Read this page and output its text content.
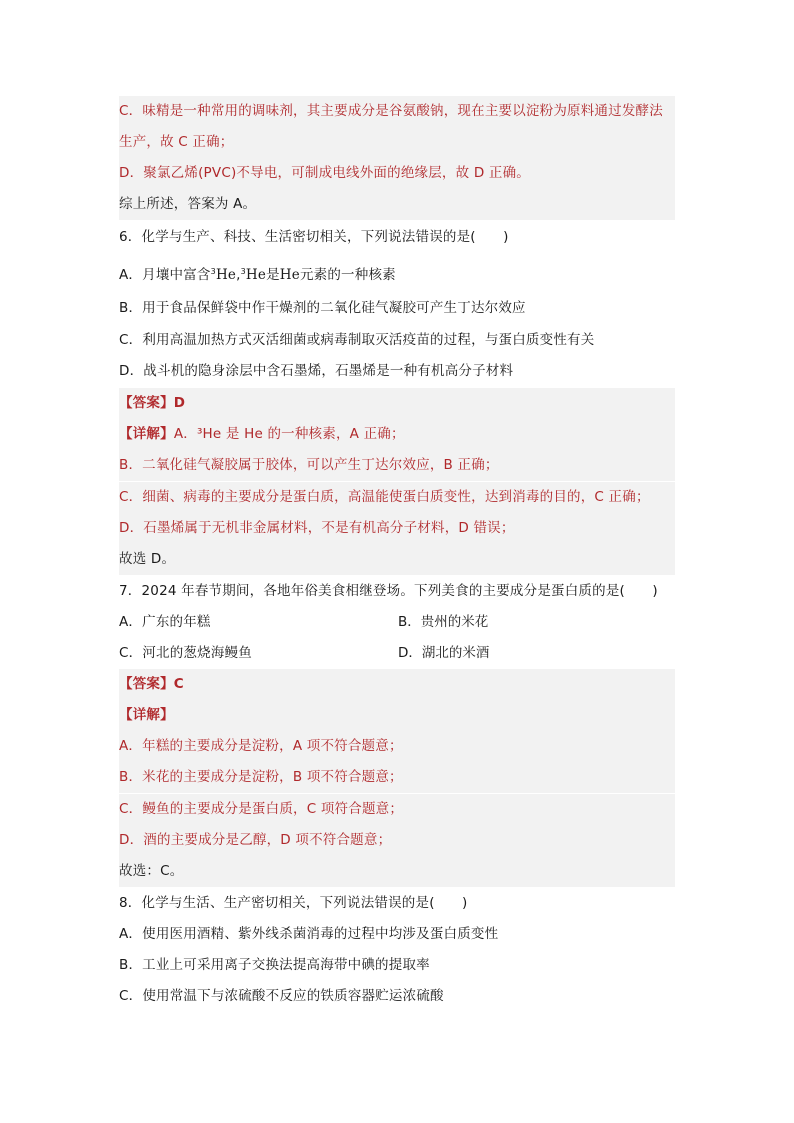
C．味精是一种常用的调味剂，其主要成分是谷氨酸钠，现在主要以淀粉为原料通过发酵法
生产，故 C 正确；
D．聚氯乙烯(PVC)不导电，可制成电线外面的绝缘层，故 D 正确。
综上所述，答案为 A。
6．化学与生产、科技、生活密切相关，下列说法错误的是(　　)
A．月壤中富含$^3$He,$^3$He是He元素的一种核素
B．用于食品保鲜袋中作干燥剂的二氧化硅气凝胶可产生丁达尔效应
C．利用高温加热方式灭活细菌或病毒制取灭活疫苗的过程，与蛋白质变性有关
D．战斗机的隐身涂层中含石墨烯，石墨烯是一种有机高分子材料
【答案】D
【详解】A．³He 是 He 的一种核素，A 正确；
B．二氧化硅气凝胶属于胶体，可以产生丁达尔效应，B 正确；
C．细菌、病毒的主要成分是蛋白质，高温能使蛋白质变性，达到消毒的目的，C 正确；
D．石墨烯属于无机非金属材料，不是有机高分子材料，D 错误；
故选 D。
7．2024 年春节期间，各地年俗美食相继登场。下列美食的主要成分是蛋白质的是(　　)
A．广东的年糕	B．贵州的米花
C．河北的葱烧海鳗鱼	D．湖北的米酒
【答案】C
【详解】
A．年糕的主要成分是淀粉，A 项不符合题意；
B．米花的主要成分是淀粉，B 项不符合题意；
C．鳗鱼的主要成分是蛋白质，C 项符合题意；
D．酒的主要成分是乙醇，D 项不符合题意；
故选：C。
8．化学与生活、生产密切相关，下列说法错误的是(　　)
A．使用医用酒精、紫外线杀菌消毒的过程中均涉及蛋白质变性
B．工业上可采用离子交换法提高海带中碘的提取率
C．使用常温下与浓硫酸不反应的铁质容器贮运浓硫酸
